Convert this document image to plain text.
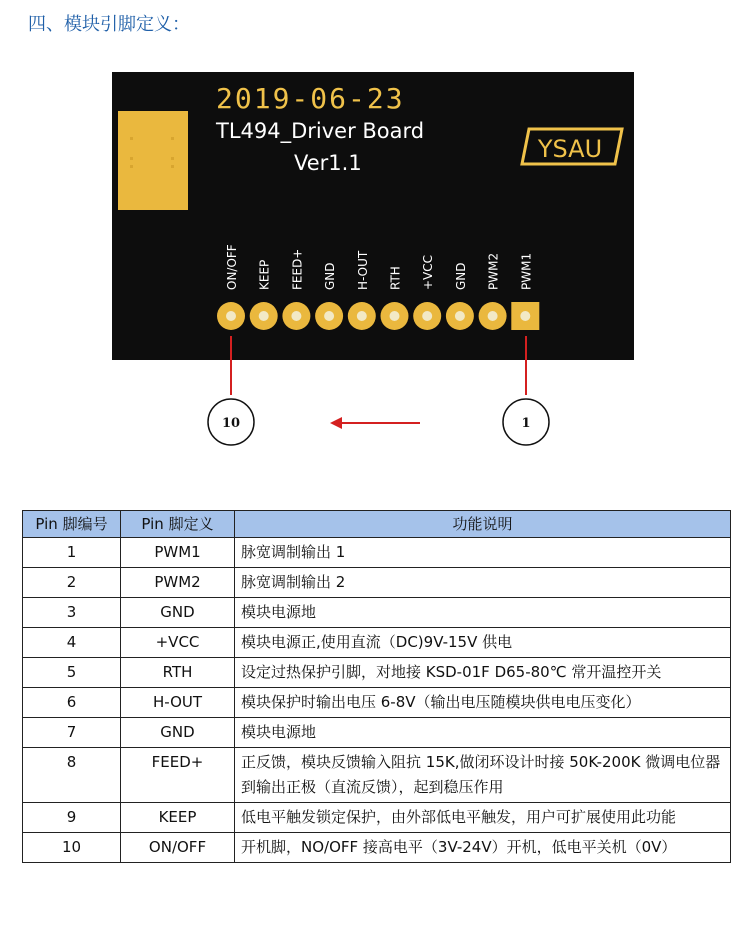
四、模块引脚定义：
2019-06-23
TL494_Driver Board
Ver1.1	YSAU
ON/OFF KEEP FEED+ GND H-OUT RTH +VCC GND PWM2 PWM1
10	1
Pin 脚编号	Pin 脚定义	功能说明
1	PWM1	脉宽调制输出 1
2	PWM2	脉宽调制输出 2
3	GND	模块电源地
4	+VCC	模块电源正,使用直流（DC)9V-15V 供电
5	RTH	设定过热保护引脚，对地接 KSD-01F D65-80℃ 常开温控开关
6	H-OUT	模块保护时输出电压 6-8V（输出电压随模块供电电压变化）
7	GND	模块电源地
8	FEED+	正反馈，模块反馈输入阻抗 15K,做闭环设计时接 50K-200K 微调电位器到输出正极（直流反馈），起到稳压作用
9	KEEP	低电平触发锁定保护，由外部低电平触发，用户可扩展使用此功能
10	ON/OFF	开机脚，NO/OFF 接高电平（3V-24V）开机，低电平关机（0V）
